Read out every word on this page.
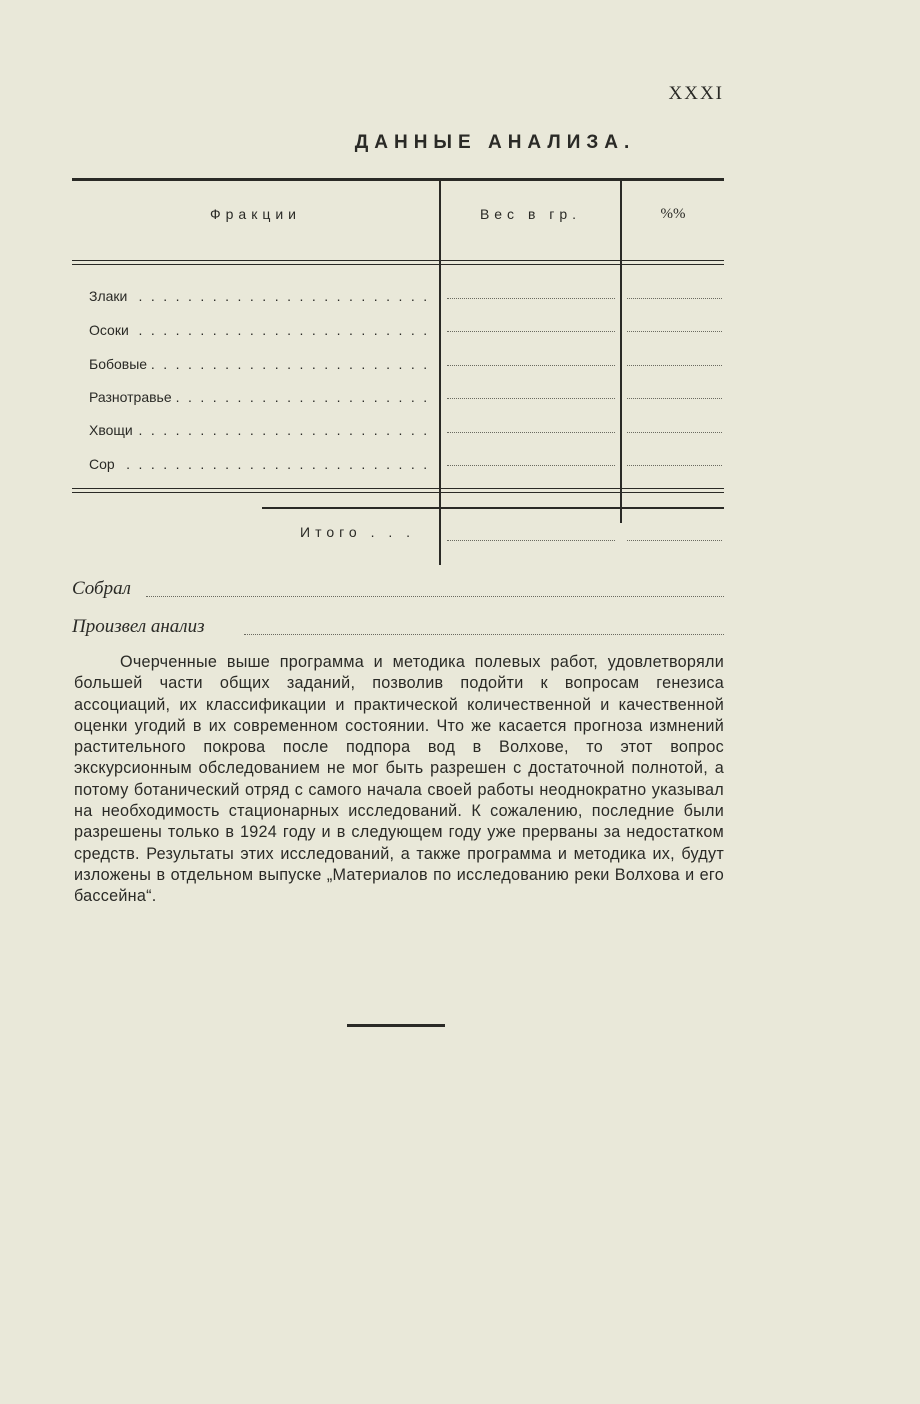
XXXI
ДАННЫЕ АНАЛИЗА.
Фракции	Вес в гр.	%%
Злаки . . .
Осоки . . .
Бобовые . . .
Разнотравье . . .
Хвощи . . .
Сор . . .
Итого . . .
Собрал
Произвел анализ
Очерченные выше программа и методика полевых работ, удовлетворяли большей части общих заданий, позволив подойти к вопросам генезиса ассоциаций, их классификации и практической количественной и качественной оценки угодий в их современном состоянии. Что же касается прогноза измнений растительного покрова после подпора вод в Волхове, то этот вопрос экскурсионным обследованием не мог быть разрешен с достаточной полнотой, а потому ботанический отряд с самого начала своей работы неоднократно указывал на необходимость стационарных исследований. К сожалению, последние были разрешены только в 1924 году и в следующем году уже прерваны за недостатком средств. Результаты этих исследований, а также программа и методика их, будут изложены в отдельном выпуске „Материалов по исследованию реки Волхова и его бассейна“.
